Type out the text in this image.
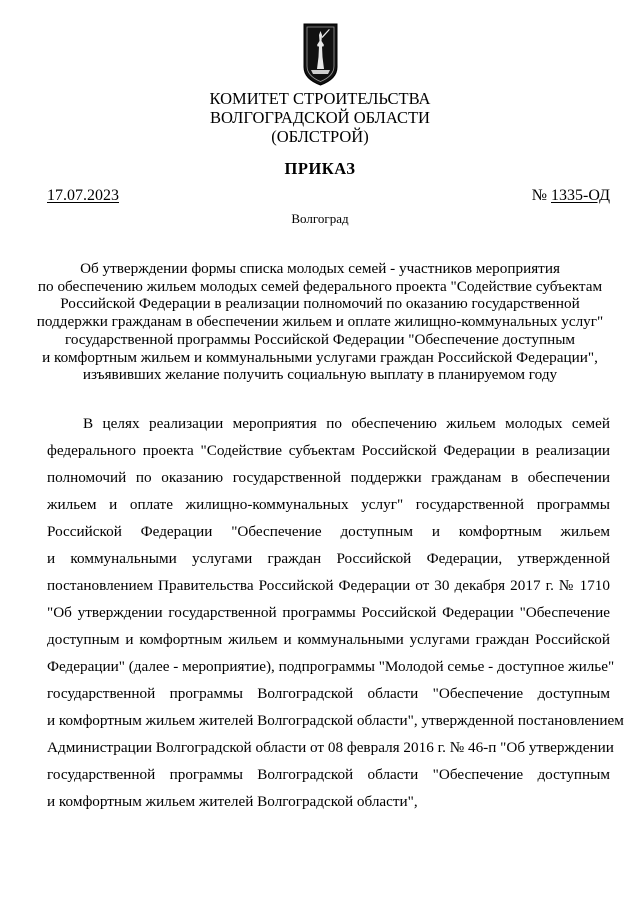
КОМИТЕТ СТРОИТЕЛЬСТВА
ВОЛГОГРАДСКОЙ ОБЛАСТИ
(ОБЛСТРОЙ)
ПРИКАЗ
17.07.2023	№ 1335-ОД
Волгоград
Об утверждении формы списка молодых семей - участников мероприятия
по обеспечению жильем молодых семей федерального проекта "Содействие субъектам
Российской Федерации в реализации полномочий по оказанию государственной
поддержки гражданам в обеспечении жильем и оплате жилищно-коммунальных услуг"
государственной программы Российской Федерации "Обеспечение доступным
и комфортным жильем и коммунальными услугами граждан Российской Федерации",
изъявивших желание получить социальную выплату в планируемом году
В целях реализации мероприятия по обеспечению жильем молодых семей
федерального проекта "Содействие субъектам Российской Федерации в реализации
полномочий по оказанию государственной поддержки гражданам в обеспечении
жильем и оплате жилищно-коммунальных услуг" государственной программы
Российской Федерации "Обеспечение доступным и комфортным жильем
и коммунальными услугами граждан Российской Федерации, утвержденной
постановлением Правительства Российской Федерации от 30 декабря 2017 г. № 1710
"Об утверждении государственной программы Российской Федерации "Обеспечение
доступным и комфортным жильем и коммунальными услугами граждан Российской
Федерации" (далее - мероприятие), подпрограммы "Молодой семье - доступное жилье"
государственной программы Волгоградской области "Обеспечение доступным
и комфортным жильем жителей Волгоградской области", утвержденной постановлением
Администрации Волгоградской области от 08 февраля 2016 г. № 46-п "Об утверждении
государственной программы Волгоградской области "Обеспечение доступным
и комфортным жильем жителей Волгоградской области",
